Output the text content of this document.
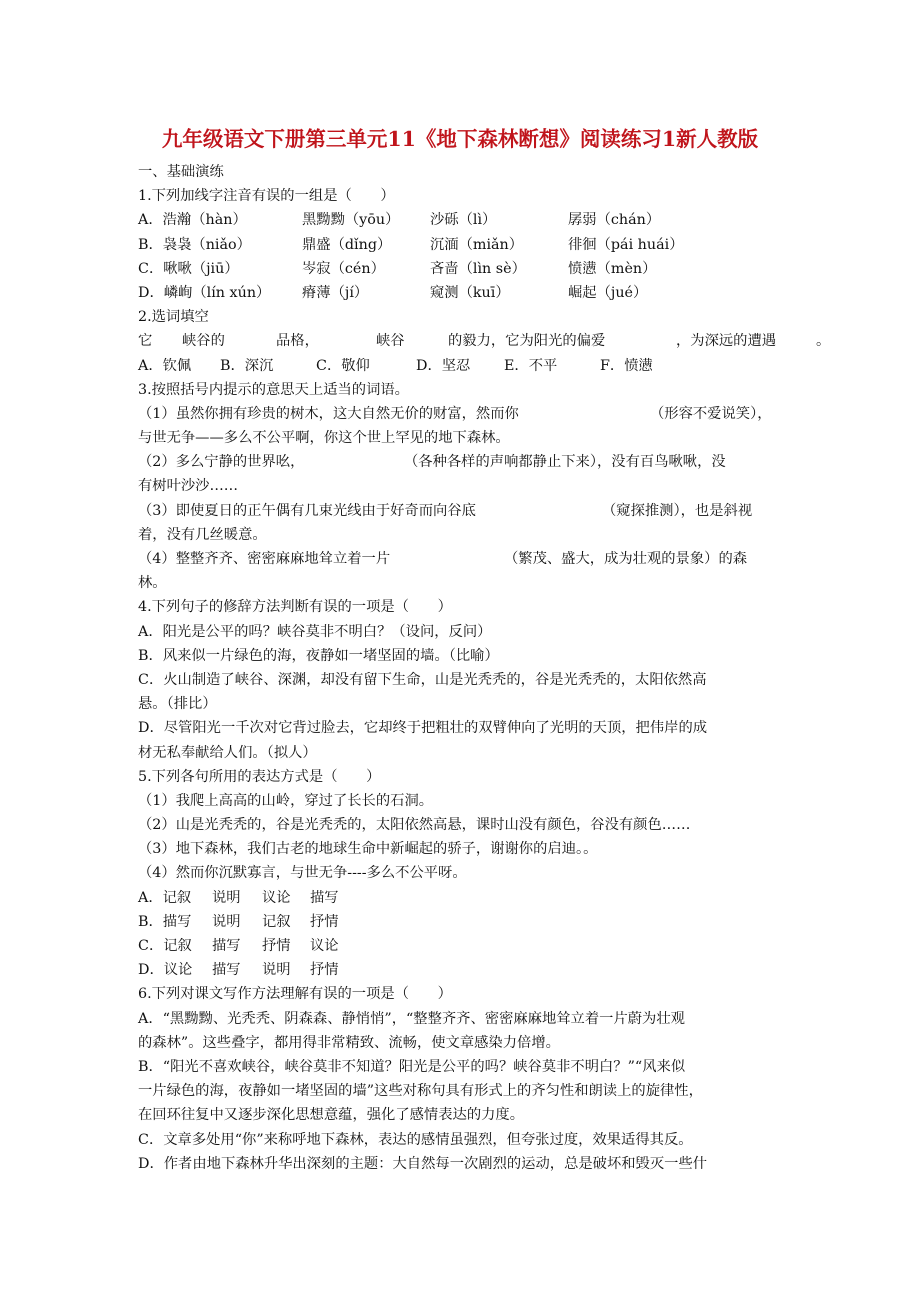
九年级语文下册第三单元11《地下森林断想》阅读练习1新人教版
一、基础演练
1.下列加线字注音有误的一组是（　　）
A．浩瀚（hàn）	黑黝黝（yōu） 沙砾（lì）	孱弱（chán）
B．袅袅（niǎo）	鼎盛（dǐng）	沉湎（miǎn）	徘徊（pái huái）
C．啾啾（jiū）	岑寂（cén）	吝啬（lìn sè）	愤懑（mèn）
D．嶙峋（lín xún） 瘠薄（jí）	窥测（kuī）	崛起（jué）
2.选词填空
它 峡谷的	品格，	峡谷	的毅力，它为阳光的偏爱	，为深远的遭遇	。
A．钦佩 B．深沉	C．敬仰	D．坚忍 E．不平	F．愤懑
3.按照括号内提示的意思天上适当的词语。
（1）虽然你拥有珍贵的树木，这大自然无价的财富，然而你	（形容不爱说笑），
与世无争——多么不公平啊，你这个世上罕见的地下森林。
（2）多么宁静的世界吆，	（各种各样的声响都静止下来），没有百鸟啾啾，没
有树叶沙沙……
（3）即使夏日的正午偶有几束光线由于好奇而向谷底	（窥探推测），也是斜视
着，没有几丝暖意。
（4）整整齐齐、密密麻麻地耸立着一片	（繁茂、盛大，成为壮观的景象）的森
林。
4.下列句子的修辞方法判断有误的一项是（　　）
A．阳光是公平的吗？峡谷莫非不明白？（设问，反问）
B．风来似一片绿色的海，夜静如一堵坚固的墙。（比喻）
C．火山制造了峡谷、深渊，却没有留下生命，山是光秃秃的，谷是光秃秃的，太阳依然高
悬。（排比）
D．尽管阳光一千次对它背过脸去，它却终于把粗壮的双臂伸向了光明的天顶，把伟岸的成
材无私奉献给人们。（拟人）
5.下列各句所用的表达方式是（　　）
（1）我爬上高高的山岭，穿过了长长的石洞。
（2）山是光秃秃的，谷是光秃秃的，太阳依然高悬，课时山没有颜色，谷没有颜色……
（3）地下森林，我们古老的地球生命中新崛起的骄子，谢谢你的启迪。。
（4）然而你沉默寡言，与世无争----多么不公平呀。
A．记叙 说明 议论 描写
B．描写 说明 记叙 抒情
C．记叙 描写 抒情 议论
D．议论 描写 说明 抒情
6.下列对课文写作方法理解有误的一项是（　　）
A．“黑黝黝、光秃秃、阴森森、静悄悄”，“整整齐齐、密密麻麻地耸立着一片蔚为壮观
的森林”。这些叠字，都用得非常精致、流畅，使文章感染力倍增。
B．“阳光不喜欢峡谷，峡谷莫非不知道？阳光是公平的吗？峡谷莫非不明白？”“风来似
一片绿色的海，夜静如一堵坚固的墙”这些对称句具有形式上的齐匀性和朗读上的旋律性，
在回环往复中又逐步深化思想意蕴，强化了感情表达的力度。
C．文章多处用“你”来称呼地下森林，表达的感情虽强烈，但夸张过度，效果适得其反。
D．作者由地下森林升华出深刻的主题：大自然每一次剧烈的运动，总是破坏和毁灭一些什
